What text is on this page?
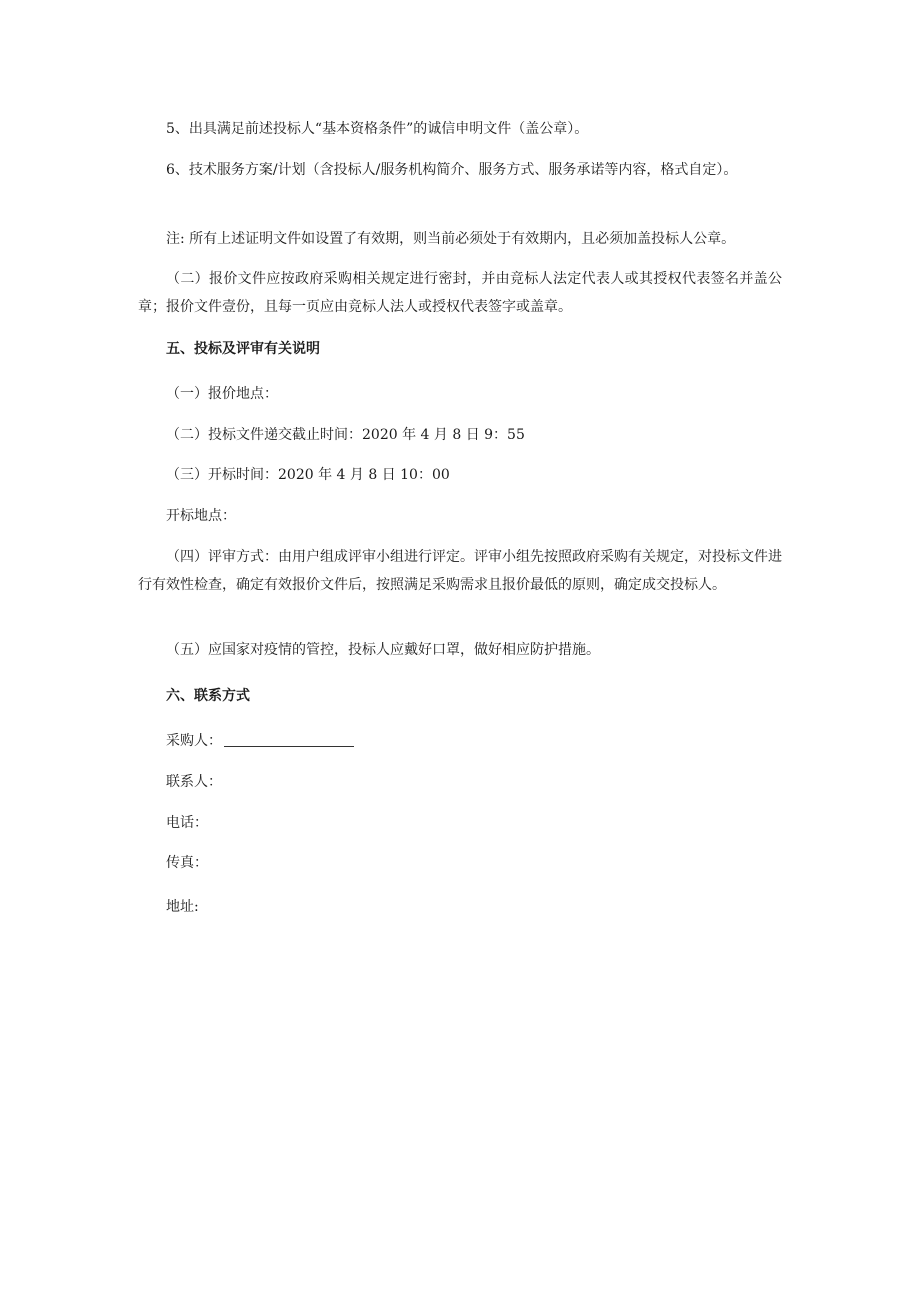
5、出具满足前述投标人“基本资格条件”的诚信申明文件（盖公章）。
6、技术服务方案/计划（含投标人/服务机构简介、服务方式、服务承诺等内容，格式自定）。
注: 所有上述证明文件如设置了有效期，则当前必须处于有效期内，且必须加盖投标人公章。
（二）报价文件应按政府采购相关规定进行密封，并由竞标人法定代表人或其授权代表签名并盖公章；报价文件壹份，且每一页应由竞标人法人或授权代表签字或盖章。
五、投标及评审有关说明
（一）报价地点：
（二）投标文件递交截止时间：2020 年 4 月 8 日 9：55
（三）开标时间：2020 年 4 月 8 日 10：00
开标地点：
（四）评审方式：由用户组成评审小组进行评定。评审小组先按照政府采购有关规定，对投标文件进行有效性检查，确定有效报价文件后，按照满足采购需求且报价最低的原则，确定成交投标人。
（五）应国家对疫情的管控，投标人应戴好口罩，做好相应防护措施。
六、联系方式
采购人：
联系人：
电话：
传真：
地址:
